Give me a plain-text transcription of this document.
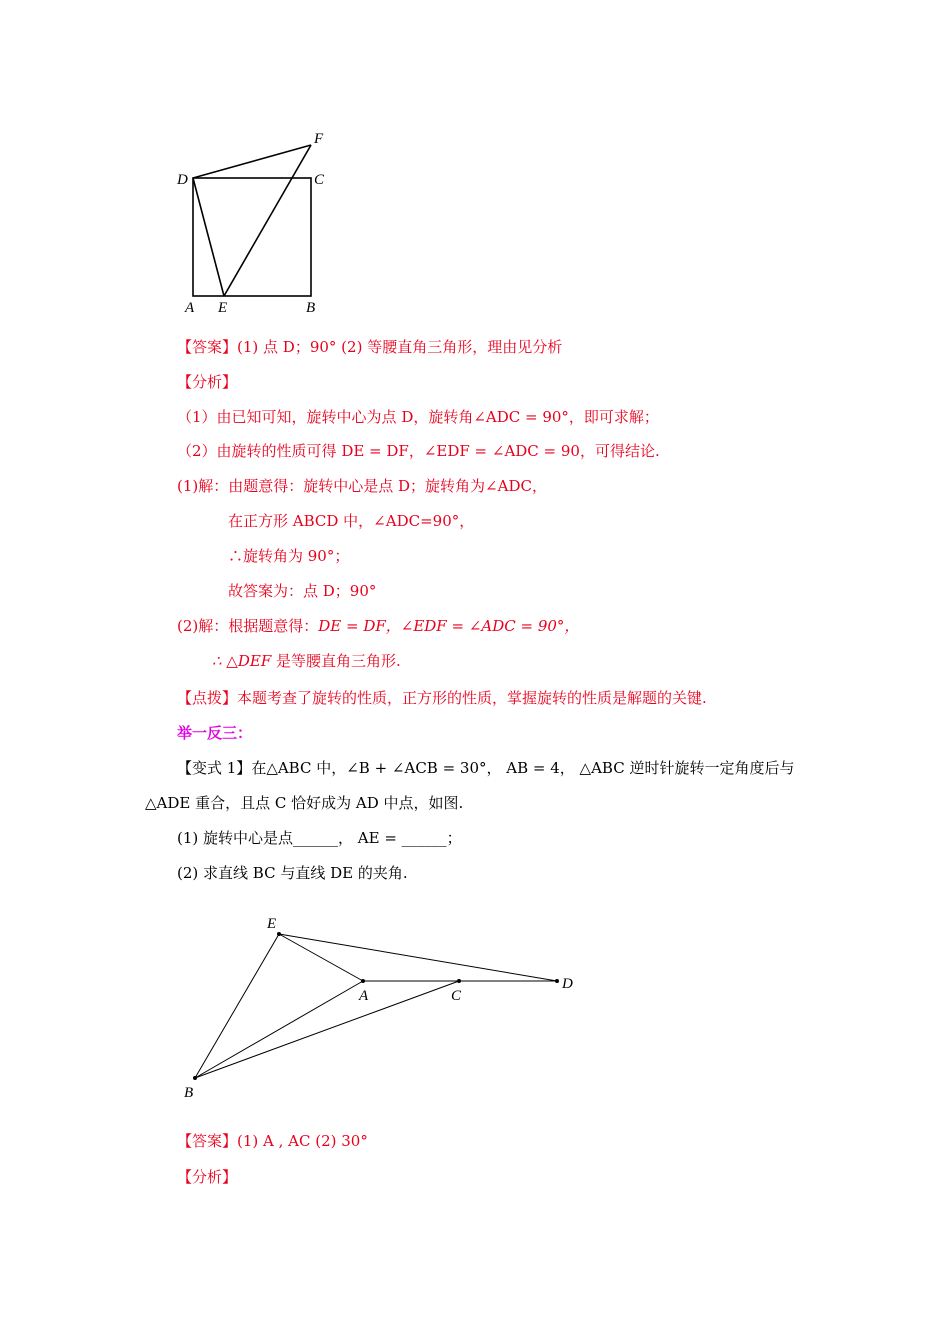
D	C
F
A E	B
【答案】(1) 点 D；90° (2) 等腰直角三角形，理由见分析
【分析】
（1）由已知可知，旋转中心为点 D，旋转角∠ADC = 90°，即可求解；
（2）由旋转的性质可得 DE = DF，∠EDF = ∠ADC = 90，可得结论.
(1)解：由题意得：旋转中心是点 D；旋转角为∠ADC，
在正方形 ABCD 中，∠ADC=90°，
∴旋转角为 90°；
故答案为：点 D；90°
(2)解：根据题意得：DE = DF，∠EDF = ∠ADC = 90°，
∴ △DEF 是等腰直角三角形.
【点拨】本题考查了旋转的性质，正方形的性质，掌握旋转的性质是解题的关键.
举一反三：
【变式 1】在△ABC 中，∠B + ∠ACB = 30°， AB = 4， △ABC 逆时针旋转一定角度后与
△ADE 重合，且点 C 恰好成为 AD 中点，如图.
(1) 旋转中心是点______， AE = ______；
(2) 求直线 BC 与直线 DE 的夹角.
E
A	C
D
B
【答案】(1) A , AC (2) 30°
【分析】
